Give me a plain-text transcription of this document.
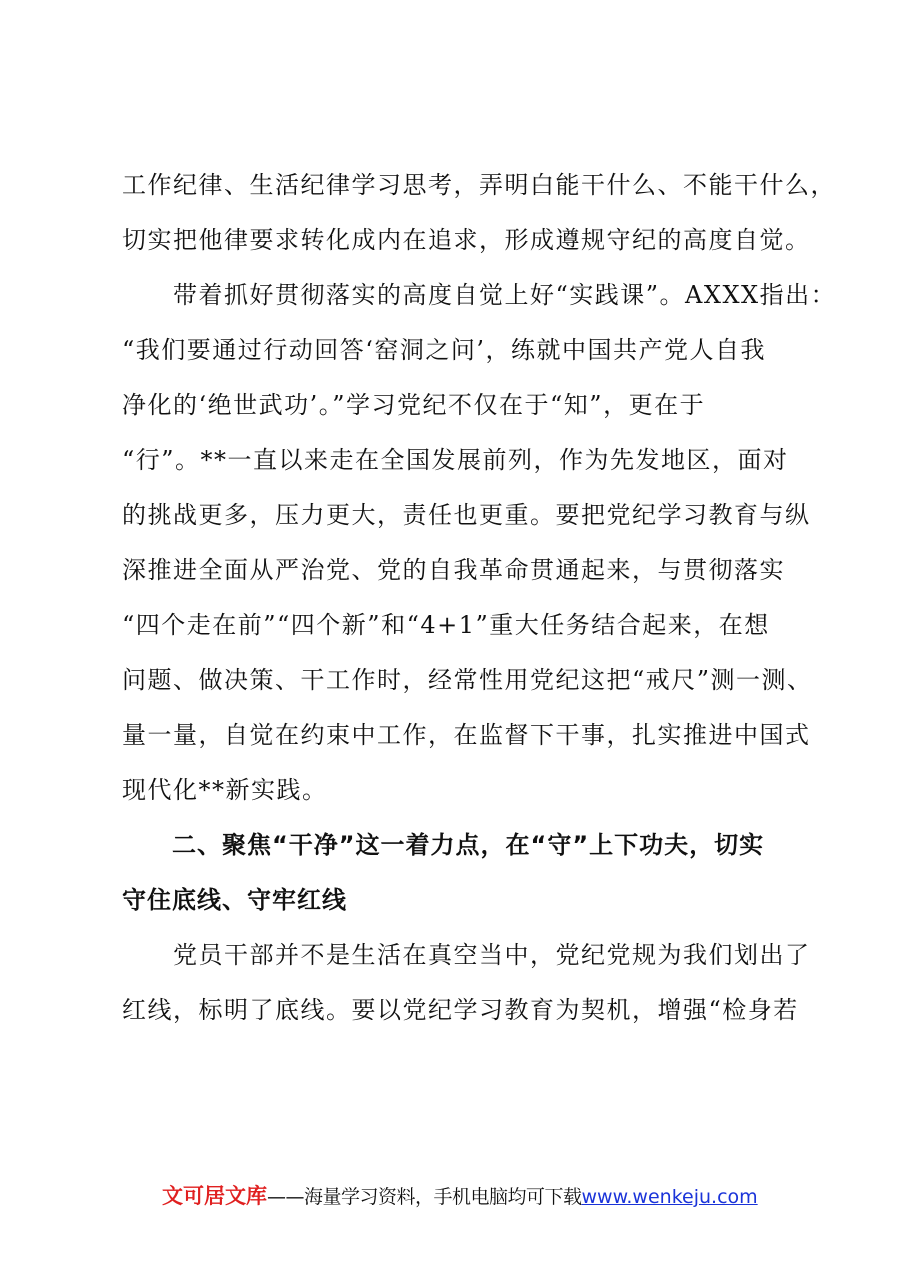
工作纪律、生活纪律学习思考，弄明白能干什么、不能干什么，
切实把他律要求转化成内在追求，形成遵规守纪的高度自觉。
　　带着抓好贯彻落实的高度自觉上好“实践课”。AXXX指出：
“我们要通过行动回答‘窑洞之问’，练就中国共产党人自我
净化的‘绝世武功’。”学习党纪不仅在于“知”，更在于
“行”。**一直以来走在全国发展前列，作为先发地区，面对
的挑战更多，压力更大，责任也更重。要把党纪学习教育与纵
深推进全面从严治党、党的自我革命贯通起来，与贯彻落实
“四个走在前”“四个新”和“4+1”重大任务结合起来，在想
问题、做决策、干工作时，经常性用党纪这把“戒尺”测一测、
量一量，自觉在约束中工作，在监督下干事，扎实推进中国式
现代化**新实践。
　　二、聚焦“干净”这一着力点，在“守”上下功夫，切实
守住底线、守牢红线
　　党员干部并不是生活在真空当中，党纪党规为我们划出了
红线，标明了底线。要以党纪学习教育为契机，增强“检身若
文可居文库——海量学习资料，手机电脑均可下载www.wenkeju.com
